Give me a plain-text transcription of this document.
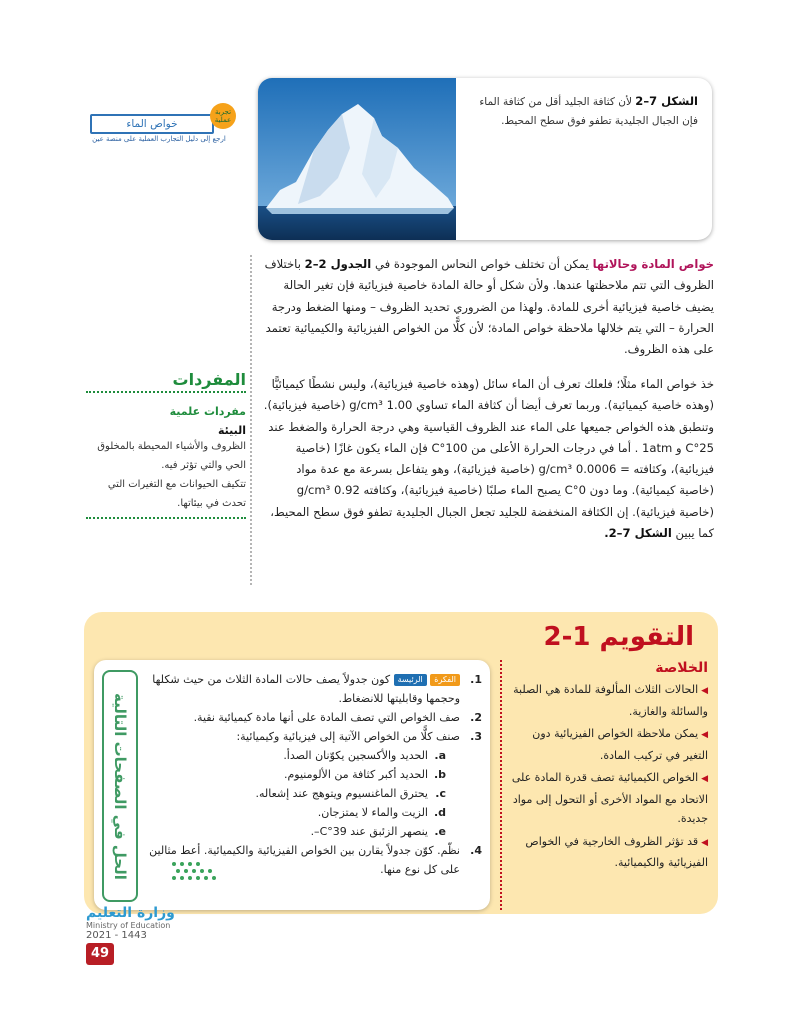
الشكل 7–2 لأن كثافة الجليد أقل من كثافة الماء فإن الجبال الجليدية تطفو فوق سطح المحيط.
خواص الماء
تجربة
عملية
ارجع إلى دليل التجارب العملية على منصة عين
خواص المادة وحالاتها يمكن أن تختلف خواص النحاس الموجودة في الجدول 2–2 باختلاف الظروف التي تتم ملاحظتها عندها. ولأن شكل أو حالة المادة خاصية فيزيائية فإن تغير الحالة يضيف خاصية فيزيائية أخرى للمادة. ولهذا من الضروري تحديد الظروف – ومنها الضغط ودرجة الحرارة – التي يتم خلالها ملاحظة خواص المادة؛ لأن كلًّا من الخواص الفيزيائية والكيميائية تعتمد على هذه الظروف.
خذ خواص الماء مثلًا؛ فلعلك تعرف أن الماء سائل (وهذه خاصية فيزيائية)، وليس نشطًا كيميائيًّا (وهذه خاصية كيميائية). وربما تعرف أيضا أن كثافة الماء تساوي 1.00 g/cm³ (خاصية فيزيائية). وتنطبق هذه الخواص جميعها على الماء عند الظروف القياسية وهي درجة الحرارة والضغط عند 25°C و 1atm . أما في درجات الحرارة الأعلى من 100°C فإن الماء يكون غازًا (خاصية فيزيائية)، وكثافته = 0.0006 g/cm³ (خاصية فيزيائية)، وهو يتفاعل بسرعة مع عدة مواد (خاصية كيميائية). وما دون 0°C يصبح الماء صلبًا (خاصية فيزيائية)، وكثافته 0.92 g/cm³ (خاصية فيزيائية). إن الكثافة المنخفضة للجليد تجعل الجبال الجليدية تطفو فوق سطح المحيط، كما يبين الشكل 7–2.
المفردات
مفردات علمية
البيئة
الظروف والأشياء المحيطة بالمخلوق الحي والتي تؤثر فيه.
تتكيف الحيوانات مع التغيرات التي تحدث في بيئاتها.
التقويم 1-2
الحل في الصفحات التالية
1.
الفكرة الرئيسة كون جدولاً يصف حالات المادة الثلاث من حيث شكلها وحجمها وقابليتها للانضغاط.
2.
صف الخواص التي تصف المادة على أنها مادة كيميائية نقية.
3.
صنف كلًّا من الخواص الآتية إلى فيزيائية وكيميائية:
a.
الحديد والأكسجين يكوّنان الصدأ.
b.
الحديد أكبر كثافة من الألومنيوم.
c.
يحترق الماغنسيوم ويتوهج عند إشعاله.
d.
الزيت والماء لا يمتزجان.
e.
ينصهر الزئبق عند 39°C–.
4.
نظّم. كوّن جدولاً يقارن بين الخواص الفيزيائية والكيميائية. أعط مثالين على كل نوع منها.
الخلاصة
◀ الحالات الثلاث المألوفة للمادة هي الصلبة والسائلة والغازية.
◀ يمكن ملاحظة الخواص الفيزيائية دون التغير في تركيب المادة.
◀ الخواص الكيميائية تصف قدرة المادة على الاتحاد مع المواد الأخرى أو التحول إلى مواد جديدة.
◀ قد تؤثر الظروف الخارجية في الخواص الفيزيائية والكيميائية.
وزارة التعليم
Ministry of Education
2021 - 1443
49
